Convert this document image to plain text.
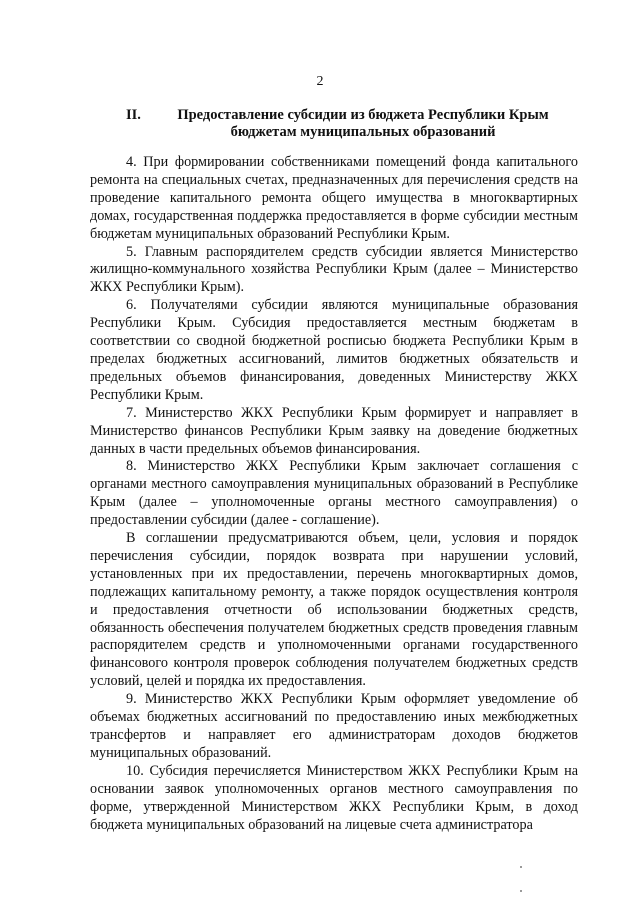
2
II.	Предоставление субсидии из бюджета Республики Крым
бюджетам муниципальных образований

4. При формировании собственниками помещений фонда капитального ремонта на специальных счетах, предназначенных для перечисления средств на проведение капитального ремонта общего имущества в многоквартирных домах, государственная поддержка предоставляется в форме субсидии местным бюджетам муниципальных образований Республики Крым.

5. Главным распорядителем средств субсидии является Министерство жилищно-коммунального хозяйства Республики Крым (далее – Министерство ЖКХ Республики Крым).

6. Получателями субсидии являются муниципальные образования Республики Крым. Субсидия предоставляется местным бюджетам в соответствии со сводной бюджетной росписью бюджета Республики Крым в пределах бюджетных ассигнований, лимитов бюджетных обязательств и предельных объемов финансирования, доведенных Министерству ЖКХ Республики Крым.

7. Министерство ЖКХ Республики Крым формирует и направляет в Министерство финансов Республики Крым заявку на доведение бюджетных данных в части предельных объемов финансирования.

8. Министерство ЖКХ Республики Крым заключает соглашения с органами местного самоуправления муниципальных образований в Республике Крым (далее – уполномоченные органы местного самоуправления) о предоставлении субсидии (далее - соглашение).

В соглашении предусматриваются объем, цели, условия и порядок перечисления субсидии, порядок возврата при нарушении условий, установленных при их предоставлении, перечень многоквартирных домов, подлежащих капитальному ремонту, а также порядок осуществления контроля и предоставления отчетности об использовании бюджетных средств, обязанность обеспечения получателем бюджетных средств проведения главным распорядителем средств и уполномоченными органами государственного финансового контроля проверок соблюдения получателем бюджетных средств условий, целей и порядка их предоставления.

9. Министерство ЖКХ Республики Крым оформляет уведомление об объемах бюджетных ассигнований по предоставлению иных межбюджетных трансфертов и направляет его администраторам доходов бюджетов муниципальных образований.

10. Субсидия перечисляется Министерством ЖКХ Республики Крым на основании заявок уполномоченных органов местного самоуправления по форме, утвержденной Министерством ЖКХ Республики Крым, в доход бюджета муниципальных образований на лицевые счета администратора
